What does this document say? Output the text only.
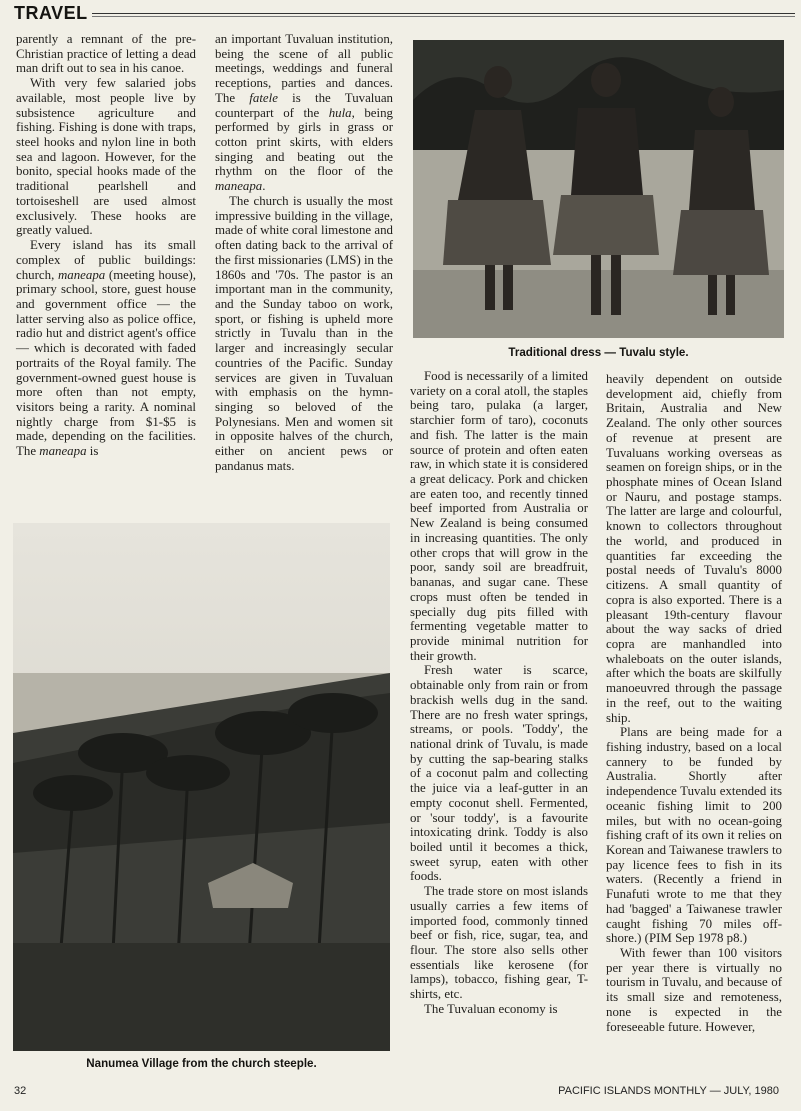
TRAVEL

parently a remnant of the pre-Christian practice of letting a dead man drift out to sea in his canoe.

With very few salaried jobs available, most people live by subsistence agriculture and fishing. Fishing is done with traps, steel hooks and nylon line in both sea and lagoon. However, for the bonito, special hooks made of the traditional pearlshell and tortoiseshell are used almost exclusively. These hooks are greatly valued.

Every island has its small complex of public buildings: church, maneapa (meeting house), primary school, store, guest house and government office — the latter serving also as police office, radio hut and district agent's office — which is decorated with faded portraits of the Royal family. The government-owned guest house is more often than not empty, visitors being a rarity. A nominal nightly charge from $1-$5 is made, depending on the facilities. The maneapa is

an important Tuvaluan institution, being the scene of all public meetings, weddings and funeral receptions, parties and dances. The fatele is the Tuvaluan counterpart of the hula, being performed by girls in grass or cotton print skirts, with elders singing and beating out the rhythm on the floor of the maneapa.

The church is usually the most impressive building in the village, made of white coral limestone and often dating back to the arrival of the first missionaries (LMS) in the 1860s and '70s. The pastor is an important man in the community, and the Sunday taboo on work, sport, or fishing is upheld more strictly in Tuvalu than in the larger and increasingly secular countries of the Pacific. Sunday services are given in Tuvaluan with emphasis on the hymn-singing so beloved of the Polynesians. Men and women sit in opposite halves of the church, either on ancient pews or pandanus mats.

Traditional dress — Tuvalu style.

Food is necessarily of a limited variety on a coral atoll, the staples being taro, pulaka (a larger, starchier form of taro), coconuts and fish. The latter is the main source of protein and often eaten raw, in which state it is considered a great delicacy. Pork and chicken are eaten too, and recently tinned beef imported from Australia or New Zealand is being consumed in increasing quantities. The only other crops that will grow in the poor, sandy soil are breadfruit, bananas, and sugar cane. These crops must often be tended in specially dug pits filled with fermenting vegetable matter to provide minimal nutrition for their growth.

Fresh water is scarce, obtainable only from rain or from brackish wells dug in the sand. There are no fresh water springs, streams, or pools. 'Toddy', the national drink of Tuvalu, is made by cutting the sap-bearing stalks of a coconut palm and collecting the juice via a leaf-gutter in an empty coconut shell. Fermented, or 'sour toddy', is a favourite intoxicating drink. Toddy is also boiled until it becomes a thick, sweet syrup, eaten with other foods.

The trade store on most islands usually carries a few items of imported food, commonly tinned beef or fish, rice, sugar, tea, and flour. The store also sells other essentials like kerosene (for lamps), tobacco, fishing gear, T-shirts, etc.

The Tuvaluan economy is

heavily dependent on outside development aid, chiefly from Britain, Australia and New Zealand. The only other sources of revenue at present are Tuvaluans working overseas as seamen on foreign ships, or in the phosphate mines of Ocean Island or Nauru, and postage stamps. The latter are large and colourful, known to collectors throughout the world, and produced in quantities far exceeding the postal needs of Tuvalu's 8000 citizens. A small quantity of copra is also exported. There is a pleasant 19th-century flavour about the way sacks of dried copra are manhandled into whaleboats on the outer islands, after which the boats are skilfully manoeuvred through the passage in the reef, out to the waiting ship.

Plans are being made for a fishing industry, based on a local cannery to be funded by Australia. Shortly after independence Tuvalu extended its oceanic fishing limit to 200 miles, but with no ocean-going fishing craft of its own it relies on Korean and Taiwanese trawlers to pay licence fees to fish in its waters. (Recently a friend in Funafuti wrote to me that they had 'bagged' a Taiwanese trawler caught fishing 70 miles off-shore.) (PIM Sep 1978 p8.)

With fewer than 100 visitors per year there is virtually no tourism in Tuvalu, and because of its small size and remoteness, none is expected in the foreseeable future. However,

Nanumea Village from the church steeple.
32	PACIFIC ISLANDS MONTHLY — JULY, 1980
